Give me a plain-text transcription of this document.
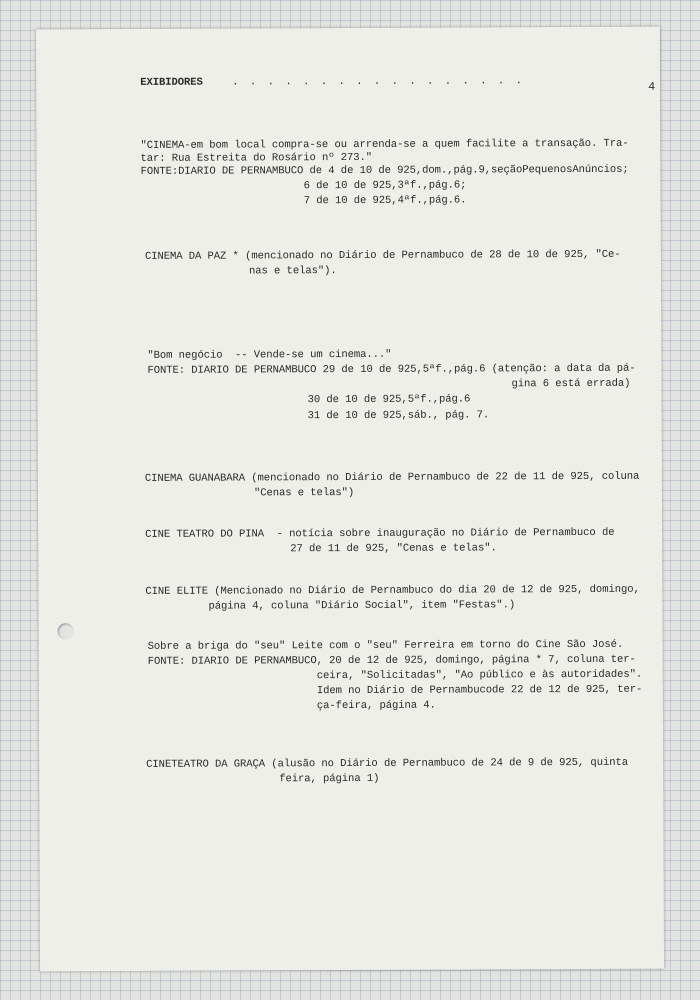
EXIBIDORES	. . . . . . . . . . . . . . . . .	4
"CINEMA-em bom local compra-se ou arrenda-se a quem facilite a transação. Tra-
tar: Rua Estreita do Rosário nº 273."
FONTE:DIARIO DE PERNAMBUCO de 4 de 10 de 925,dom.,pág.9,seçãoPequenosAnúncios;
6 de 10 de 925,3ªf.,pág.6;
7 de 10 de 925,4ªf.,pág.6.
CINEMA DA PAZ * (mencionado no Diário de Pernambuco de 28 de 10 de 925, "Ce-
nas e telas").
"Bom negócio  -- Vende-se um cinema..."
FONTE: DIARIO DE PERNAMBUCO 29 de 10 de 925,5ªf.,pág.6 (atenção: a data da pá-
gina 6 está errada)
30 de 10 de 925,5ªf.,pág.6
31 de 10 de 925,sáb., pág. 7.
CINEMA GUANABARA (mencionado no Diário de Pernambuco de 22 de 11 de 925, coluna
"Cenas e telas")
CINE TEATRO DO PINA  - notícia sobre inauguração no Diário de Pernambuco de
27 de 11 de 925, "Cenas e telas".
CINE ELITE (Mencionado no Diário de Pernambuco do dia 20 de 12 de 925, domingo,
página 4, coluna "Diário Social", item "Festas".)
Sobre a briga do "seu" Leite com o "seu" Ferreira em torno do Cine São José.
FONTE: DIARIO DE PERNAMBUCO, 20 de 12 de 925, domingo, página * 7, coluna ter-
ceira, "Solicitadas", "Ao público e às autoridades".
Idem no Diário de Pernambucode 22 de 12 de 925, ter-
ça-feira, página 4.
CINETEATRO DA GRAÇA (alusão no Diário de Pernambuco de 24 de 9 de 925, quinta
feira, página 1)
